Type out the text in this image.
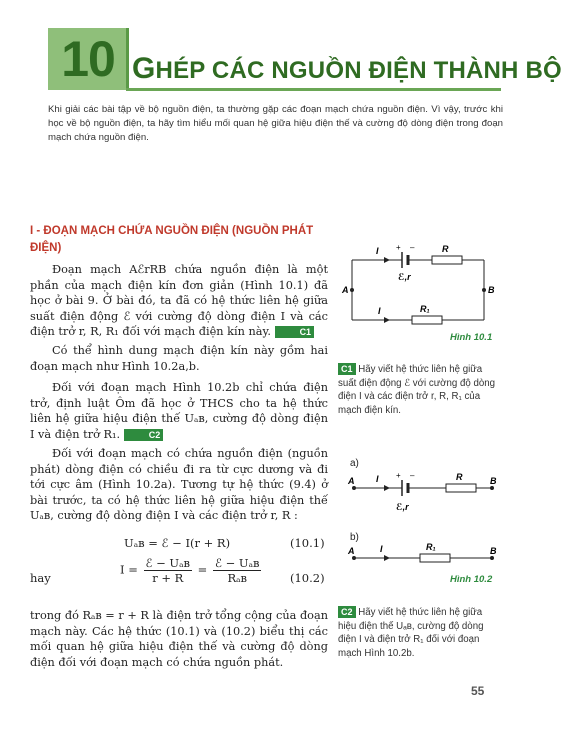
10 GHÉP CÁC NGUỒN ĐIỆN THÀNH BỘ
Khi giải các bài tập về bộ nguồn điện, ta thường gặp các đoạn mạch chứa nguồn điện. Vì vậy, trước khi học về bộ nguồn điện, ta hãy tìm hiểu mối quan hệ giữa hiệu điện thế và cường độ dòng điện trong đoạn mạch chứa nguồn điện.
I - ĐOẠN MẠCH CHỨA NGUỒN ĐIỆN (NGUỒN PHÁT ĐIỆN)

Đoạn mạch AℰrRB chứa nguồn điện là một phần của mạch điện kín đơn giản (Hình 10.1) đã học ở bài 9. Ở bài đó, ta đã có hệ thức liên hệ giữa suất điện động ℰ với cường độ dòng điện I và các điện trở r, R, R₁ đối với mạch điện kín này.	C1

Có thể hình dung mạch điện kín này gồm hai đoạn mạch như Hình 10.2a,b.

Đối với đoạn mạch Hình 10.2b chỉ chứa điện trở, định luật Ôm đã học ở THCS cho ta hệ thức liên hệ giữa hiệu điện thế Uₐʙ, cường độ dòng điện I và điện trở R₁.	C2

Đối với đoạn mạch có chứa nguồn điện (nguồn phát) dòng điện có chiều đi ra từ cực dương và đi tới cực âm (Hình 10.2a). Tương tự hệ thức (9.4) ở bài trước, ta có hệ thức liên hệ giữa hiệu điện thế Uₐʙ, cường độ dòng điện I và các điện trở r, R :

Uₐʙ = ℰ − I(r + R)	(10.1)
hay
$I = \frac{\text{ℰ − Uₐʙ}}{r + R} = \frac{\text{ℰ − Uₐʙ}}{\text{Rₐʙ}} (10.2)$

trong đó Rₐʙ = r + R là điện trở tổng cộng của đoạn mạch này. Các hệ thức (10.1) và (10.2) biểu thị các mối quan hệ giữa hiệu điện thế và cường độ dòng điện đối với đoạn mạch có chứa nguồn phát.

I + –	R
ℰ,r
A	B
I	R₁
Hình 10.1

C1 Hãy viết hệ thức liên hệ giữa suất điện động ℰ với cường độ dòng điện I và các điện trở r, R, R₁ của mạch điện kín.

a)
A I + –	R	B
ℰ,r
b)
A	I	R₁	B
Hình 10.2

C2 Hãy viết hệ thức liên hệ giữa hiệu điện thế Uₐʙ, cường độ dòng điện I và điện trở R₁ đối với đoạn mạch Hình 10.2b.

55
